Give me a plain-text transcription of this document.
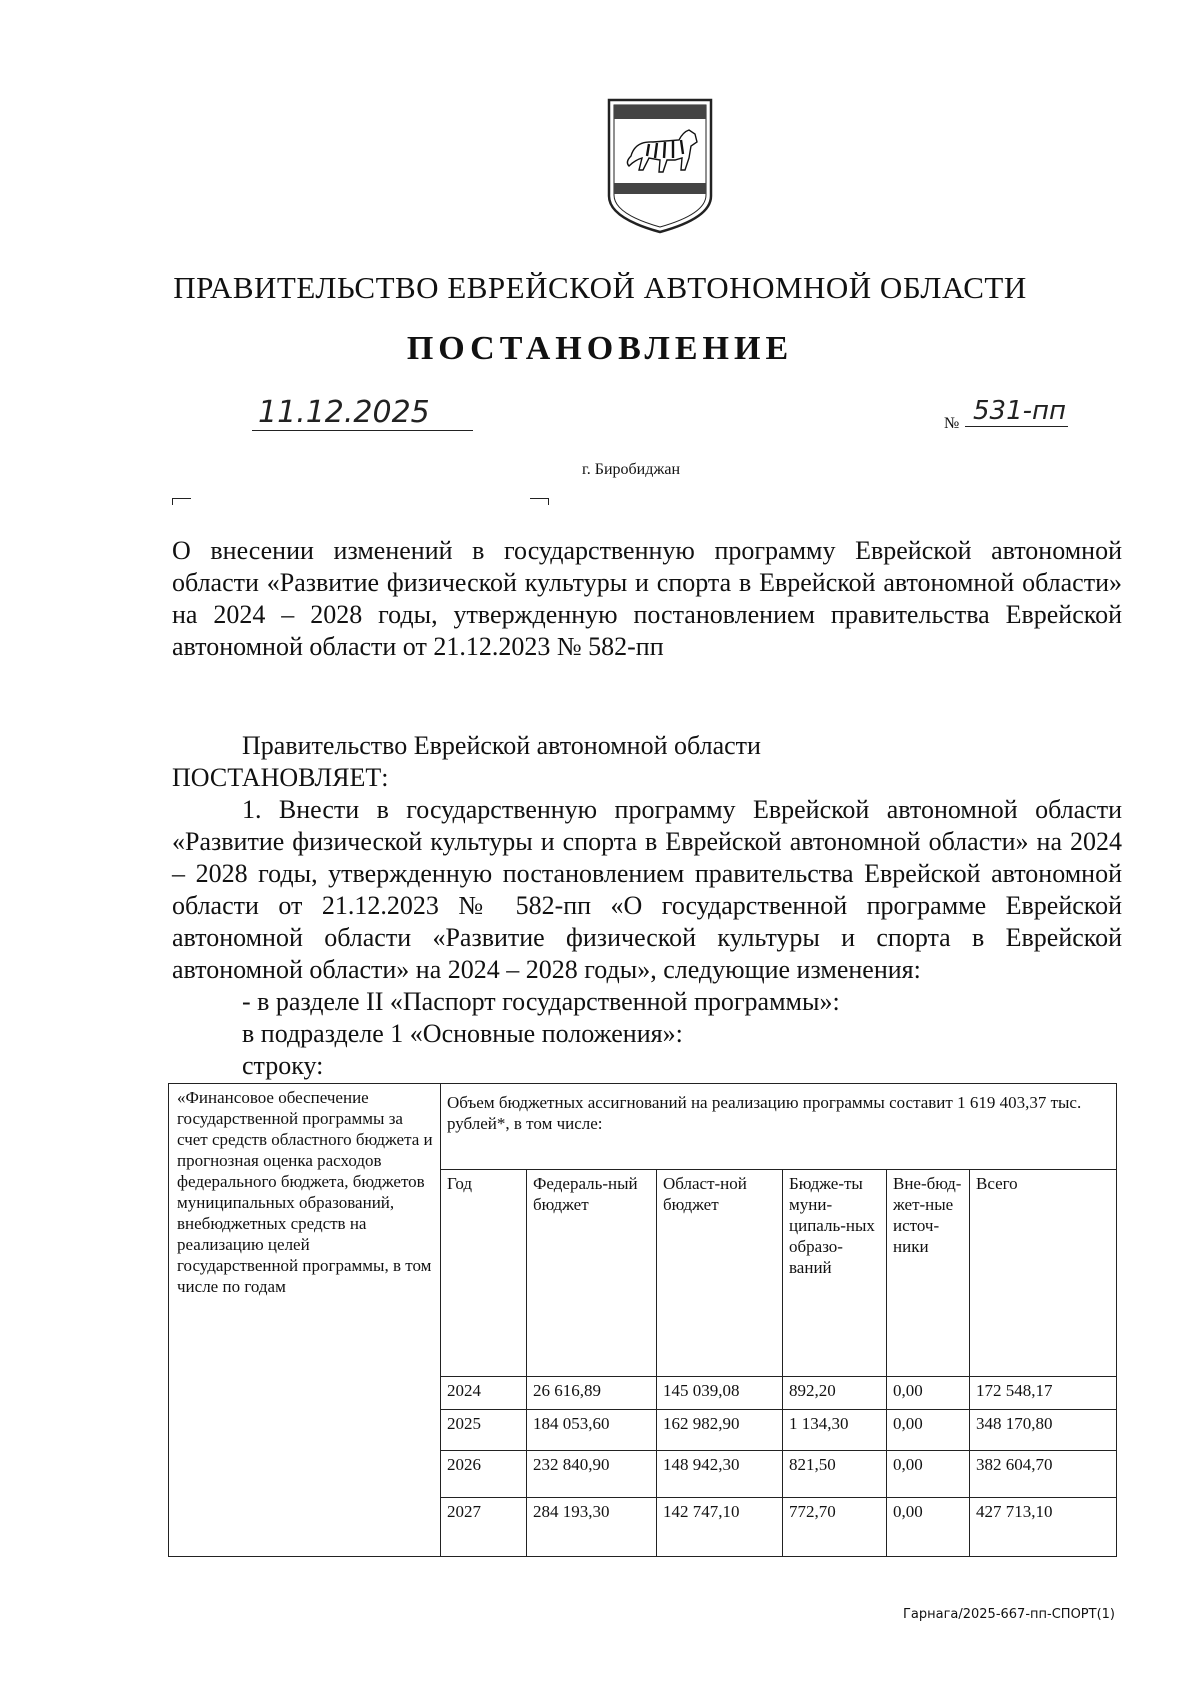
ПРАВИТЕЛЬСТВО ЕВРЕЙСКОЙ АВТОНОМНОЙ ОБЛАСТИ
ПОСТАНОВЛЕНИЕ
11.12.2025	№ 531-пп
г. Биробиджан
О внесении изменений в государственную программу Еврейской автономной области «Развитие физической культуры и спорта в Еврейской автономной области» на 2024 – 2028 годы, утвержденную постановлением правительства Еврейской автономной области от 21.12.2023 № 582-пп

Правительство Еврейской автономной области

ПОСТАНОВЛЯЕТ:

1. Внести в государственную программу Еврейской автономной области «Развитие физической культуры и спорта в Еврейской автономной области» на 2024 – 2028 годы, утвержденную постановлением правительства Еврейской автономной области от 21.12.2023 № 582-пп «О государственной программе Еврейской автономной области «Развитие физической культуры и спорта в Еврейской автономной области» на 2024 – 2028 годы», следующие изменения:

- в разделе II «Паспорт государственной программы»:

в подразделе 1 «Основные положения»:

строку:

«Финансовое обеспечение государственной программы за счет средств областного бюджета и прогнозная оценка расходов федерального бюджета, бюджетов муниципальных образований, внебюджетных средств на реализацию целей государственной программы, в том числе по годам	Объем бюджетных ассигнований на реализацию программы составит 1 619 403,37 тыс. рублей*, в том числе:					
	Год	Федераль-ный бюджет	Област-ной бюджет	Бюдже-ты муни-ципаль-ных образо-ваний	Вне-бюд-жет-ные источ-ники	Всего
	2024	26 616,89	145 039,08	892,20	0,00	172 548,17
	2025	184 053,60	162 982,90	1 134,30	0,00	348 170,80
	2026	232 840,90	148 942,30	821,50	0,00	382 604,70
	2027	284 193,30	142 747,10	772,70	0,00	427 713,10
Гарнага/2025-667-пп-СПОРТ(1)
